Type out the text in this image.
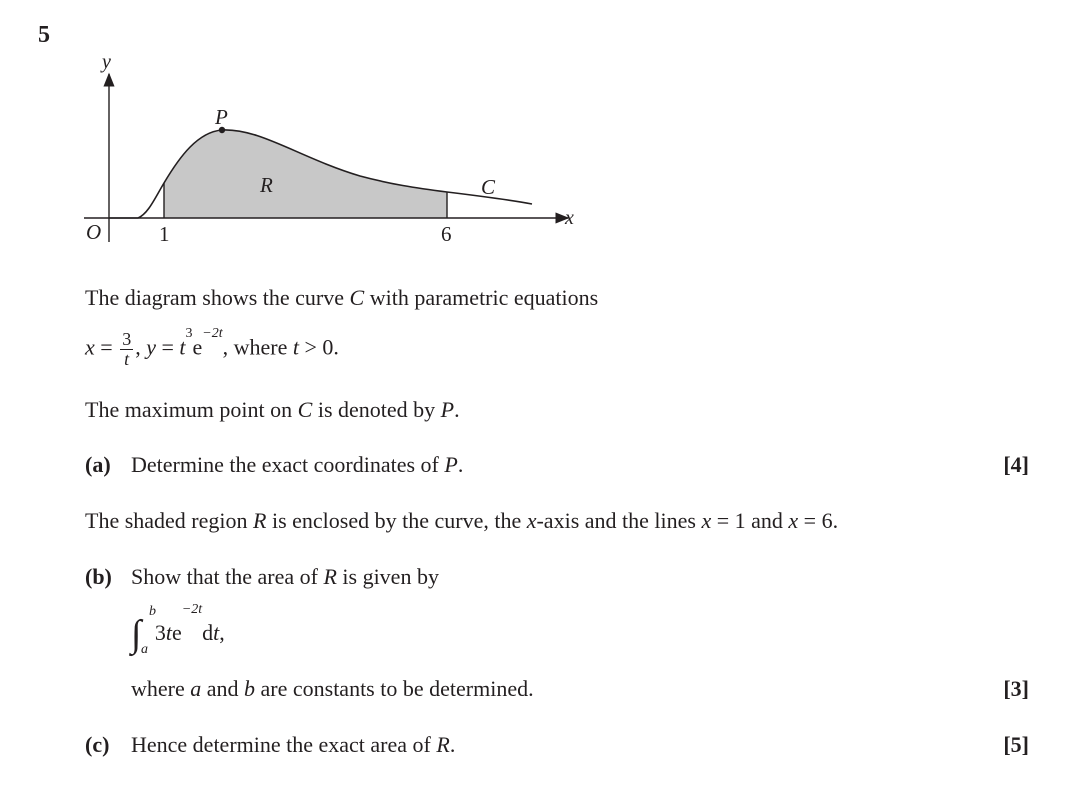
5
y
x
O	1	6
P
R	C
The diagram shows the curve C with parametric equations
$x = \frac{3}{t}$ , $y = t^3e^{-2t}$, where t > 0.
The maximum point on C is denoted by P.
(a) Determine the exact coordinates of P.	[4]
The shaded region R is enclosed by the curve, the x-axis and the lines x = 1 and x = 6.
(b) Show that the area of R is given by
∫
b
a
$3te^{-2t}dt$,
where a and b are constants to be determined.	[3]
(c) Hence determine the exact area of R.	[5]
